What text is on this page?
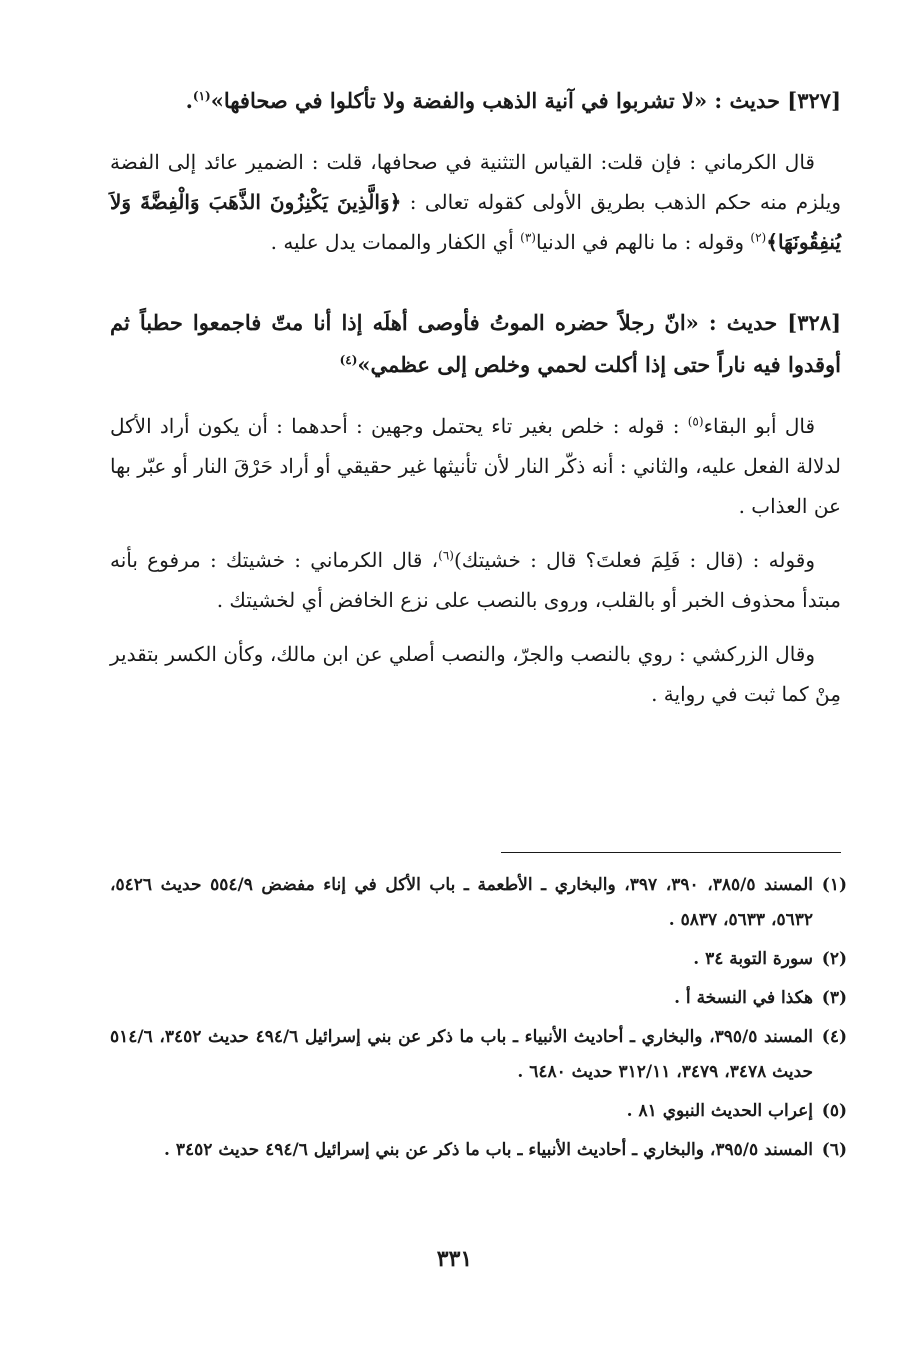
[٣٢٧] حديث : «لا تشربوا في آنية الذهب والفضة ولا تأكلوا في صحافها»$^{(١)}$.
قال الكرماني : فإن قلت: القياس التثنية في صحافها، قلت : الضمير عائد إلى الفضة ويلزم منه حكم الذهب بطريق الأولى كقوله تعالى : ﴿وَالَّذِينَ يَكْنِزُونَ الذَّهَبَ وَالْفِضَّةَ وَلاَ يُنفِقُونَهَا﴾$^{(٢)}$ وقوله : ما نالهم في الدنيا$^{(٣)}$ أي الكفار والممات يدل عليه .
[٣٢٨] حديث : «انّ رجلاً حضره الموتُ فأوصى أهلَه إذا أنا متّ فاجمعوا حطباً ثم أوقدوا فيه ناراً حتى إذا أكلت لحمي وخلص إلى عظمي»$^{(٤)}$
قال أبو البقاء$^{(٥)}$ : قوله : خلص بغير تاء يحتمل وجهين : أحدهما : أن يكون أراد الأكل لدلالة الفعل عليه، والثاني : أنه ذكّر النار لأن تأنيثها غير حقيقي أو أراد حَرْقَ النار أو عبّر بها عن العذاب .
وقوله : (قال : فَلِمَ فعلتَ؟ قال : خشيتك)$^{(٦)}$، قال الكرماني : خشيتك : مرفوع بأنه مبتدأ محذوف الخبر أو بالقلب، وروى بالنصب على نزع الخافض أي لخشيتك .
وقال الزركشي : روي بالنصب والجرّ، والنصب أصلي عن ابن مالك، وكأن الكسر بتقدير مِنْ كما ثبت في رواية .
(١)
المسند ٣٨٥/٥، ٣٩٠، ٣٩٧، والبخاري ـ الأطعمة ـ باب الأكل في إناء مفضض ٥٥٤/٩ حديث ٥٤٢٦، ٥٦٣٢، ٥٦٣٣، ٥٨٣٧ .
(٢)
سورة التوبة ٣٤ .
(٣)
هكذا في النسخة أ .
(٤)
المسند ٣٩٥/٥، والبخاري ـ أحاديث الأنبياء ـ باب ما ذكر عن بني إسرائيل ٤٩٤/٦ حديث ٣٤٥٢، ٥١٤/٦ حديث ٣٤٧٨، ٣٤٧٩، ٣١٢/١١ حديث ٦٤٨٠ .
(٥)
إعراب الحديث النبوي ٨١ .
(٦)
المسند ٣٩٥/٥، والبخاري ـ أحاديث الأنبياء ـ باب ما ذكر عن بني إسرائيل ٤٩٤/٦ حديث ٣٤٥٢ .
٣٣١
